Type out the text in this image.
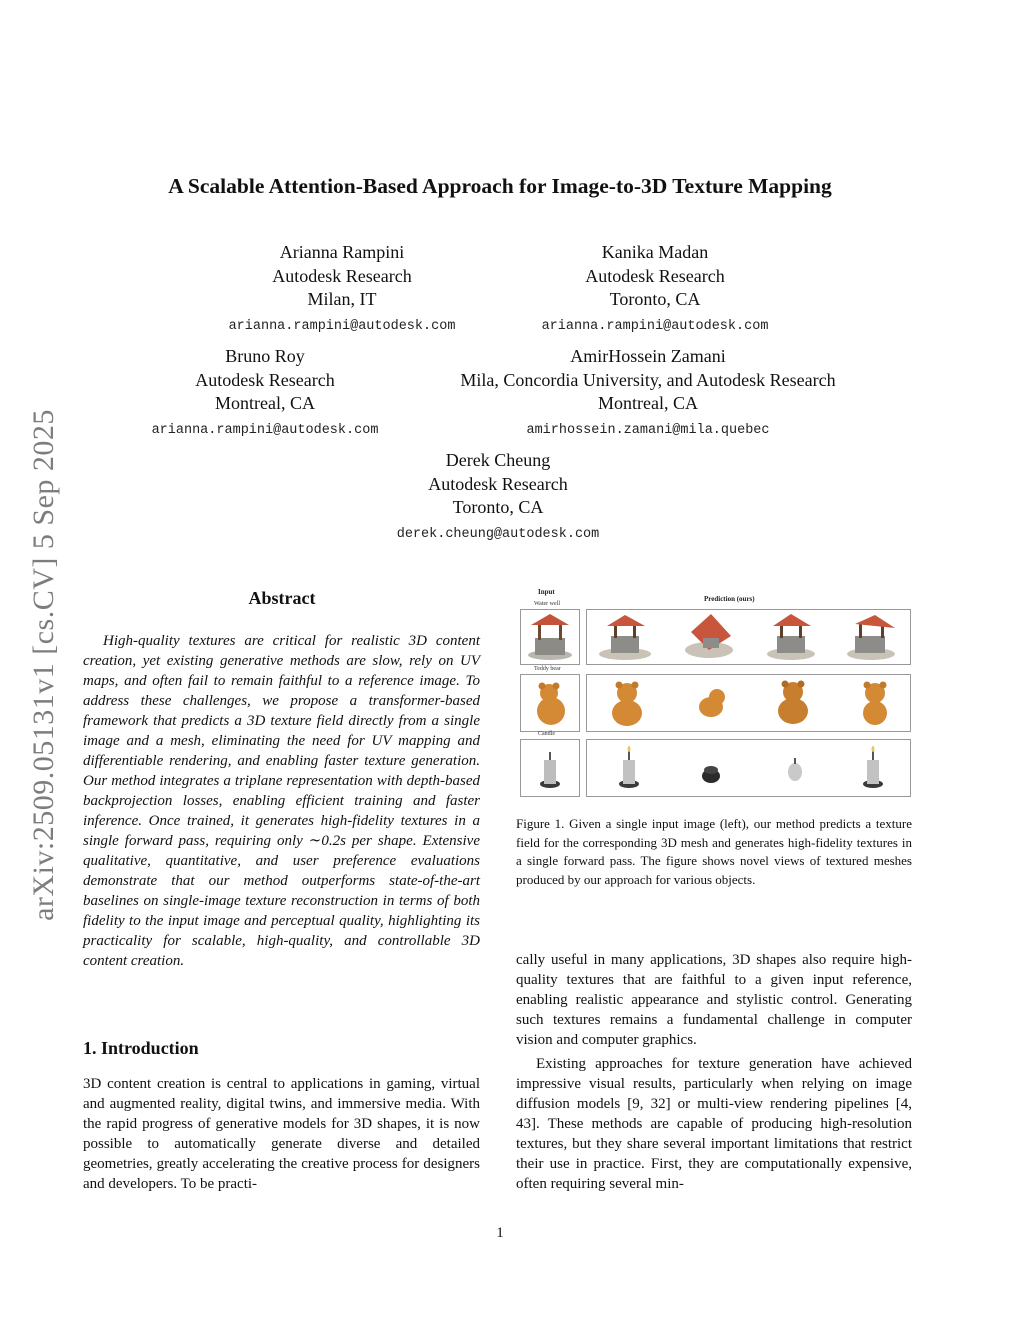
arXiv:2509.05131v1 [cs.CV] 5 Sep 2025
A Scalable Attention-Based Approach for Image-to-3D Texture Mapping
Arianna Rampini
Autodesk Research
Milan, IT
arianna.rampini@autodesk.com
Kanika Madan
Autodesk Research
Toronto, CA
arianna.rampini@autodesk.com
Bruno Roy
Autodesk Research
Montreal, CA
arianna.rampini@autodesk.com
AmirHossein Zamani
Mila, Concordia University, and Autodesk Research
Montreal, CA
amirhossein.zamani@mila.quebec
Derek Cheung
Autodesk Research
Toronto, CA
derek.cheung@autodesk.com
Abstract

High-quality textures are critical for realistic 3D content creation, yet existing generative methods are slow, rely on UV maps, and often fail to remain faithful to a reference image. To address these challenges, we propose a transformer-based framework that predicts a 3D texture field directly from a single image and a mesh, eliminating the need for UV mapping and differentiable rendering, and enabling faster texture generation. Our method integrates a triplane representation with depth-based backprojection losses, enabling efficient training and faster inference. Once trained, it generates high-fidelity textures in a single forward pass, requiring only ∼0.2s per shape. Extensive qualitative, quantitative, and user preference evaluations demonstrate that our method outperforms state-of-the-art baselines on single-image texture reconstruction in terms of both fidelity to the input image and perceptual quality, highlighting its practicality for scalable, high-quality, and controllable 3D content creation.

1. Introduction

3D content creation is central to applications in gaming, virtual and augmented reality, digital twins, and immersive media. With the rapid progress of generative models for 3D shapes, it is now possible to automatically generate diverse and detailed geometries, greatly accelerating the creative process for designers and developers. To be practi-

Input
Prediction (ours)
Water well
Teddy bear
Candle

Figure 1. Given a single input image (left), our method predicts a texture field for the corresponding 3D mesh and generates high-fidelity textures in a single forward pass. The figure shows novel views of textured meshes produced by our approach for various objects.

cally useful in many applications, 3D shapes also require high-quality textures that are faithful to a given input reference, enabling realistic appearance and stylistic control. Generating such textures remains a fundamental challenge in computer vision and computer graphics.

Existing approaches for texture generation have achieved impressive visual results, particularly when relying on image diffusion models [9, 32] or multi-view rendering pipelines [4, 43]. These methods are capable of producing high-resolution textures, but they share several important limitations that restrict their use in practice. First, they are computationally expensive, often requiring several min-

1
